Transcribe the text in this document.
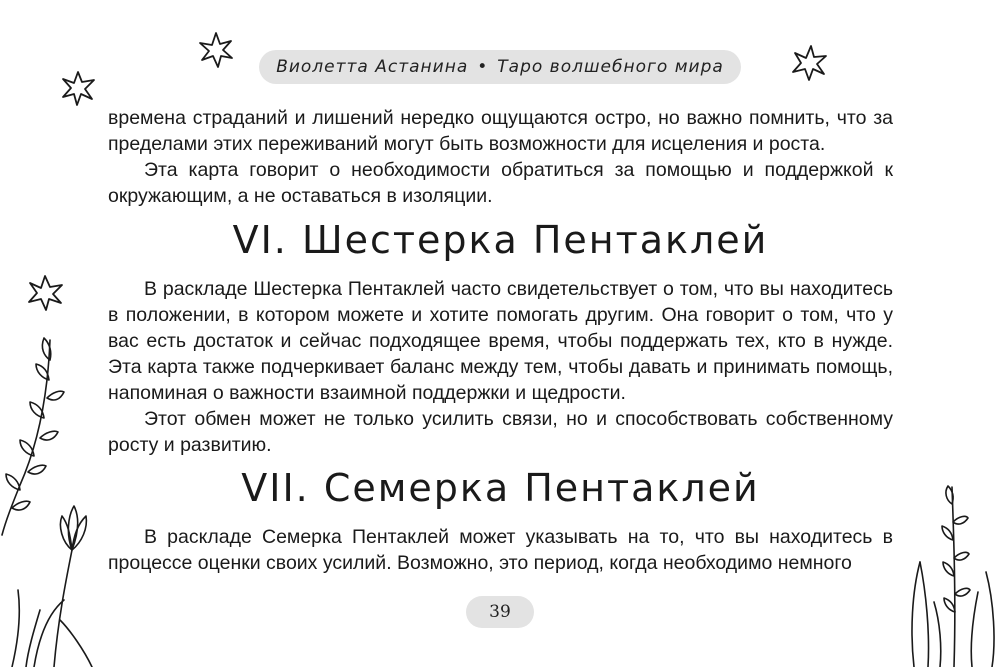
Виолетта Астанина • Таро волшебного мира

времена страданий и лишений нередко ощущаются остро, но важно помнить, что за пределами этих переживаний могут быть возможности для исцеления и роста.

Эта карта говорит о необходимости обратиться за помощью и поддержкой к окружающим, а не оставаться в изоляции.

VI. Шестерка Пентаклей

В раскладе Шестерка Пентаклей часто свидетельствует о том, что вы находитесь в положении, в котором можете и хотите помогать другим. Она говорит о том, что у вас есть достаток и сейчас подходящее время, чтобы поддержать тех, кто в нужде. Эта карта также подчеркивает баланс между тем, чтобы давать и принимать помощь, напоминая о важности взаимной поддержки и щедрости.

Этот обмен может не только усилить связи, но и способствовать собственному росту и развитию.

VII. Семерка Пентаклей

В раскладе Семерка Пентаклей может указывать на то, что вы находитесь в процессе оценки своих усилий. Возможно, это период, когда необходимо немного

39
